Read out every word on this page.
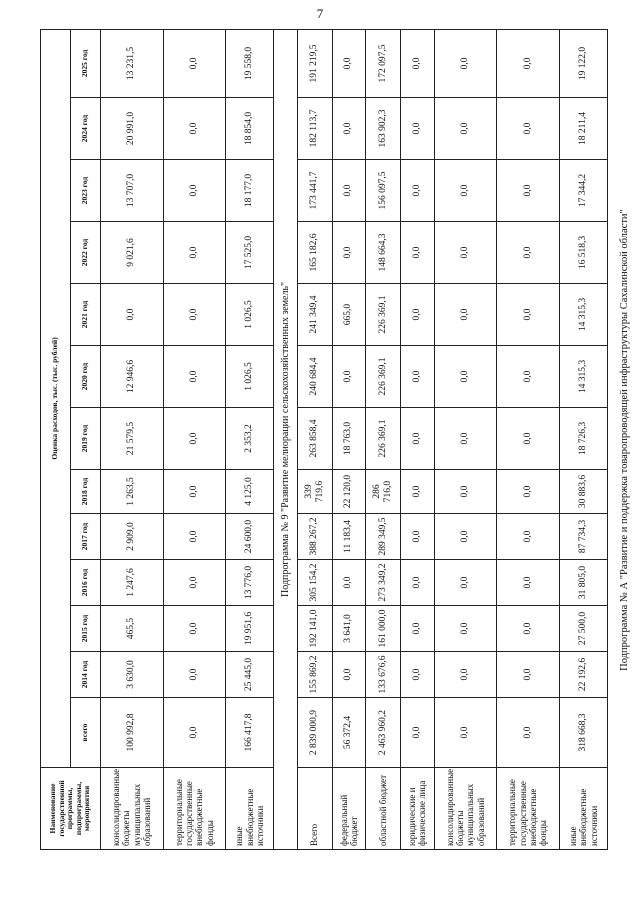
7
Наименование государственной программы, подпрограммы, мероприятия	Оценка расходов, тыс. (тыс. рублей)												
	всего	2014 год	2015 год	2016 год	2017 год	2018 год	2019 год	2020 год	2021 год	2022 год	2023 год	2024 год	2025 год
консолидированные бюджеты муниципальных образований	100 992,8	3 630,0	465,5	1 247,6	2 909,0	1 263,5	21 579,5	12 946,6	0,0	9 021,6	13 707,0	20 991,0	13 231,5
территориальные государственные внебюджетные фонды	0,0	0,0	0,0	0,0	0,0	0,0	0,0	0,0	0,0	0,0	0,0	0,0	0,0
иные внебюджетные источники	166 417,8	25 445,0	19 951,6	13 776,0	24 600,0	4 125,0	2 353,2	1 026,5	1 026,5	17 525,0	18 177,0	18 854,0	19 558,0
Подпрограмма № 9 "Развитие мелиорации сельскохозяйственных земель"													
Всего	2 839 000,9	155 869,2	192 141,0	305 154,2	388 267,2	339 719,6	263 858,4	240 684,4	241 349,4	165 182,6	173 441,7	182 113,7	191 219,5
федеральный бюджет	56 372,4	0,0	3 641,0	0,0	11 183,4	22 120,0	18 763,0	0,0	665,0	0,0	0,0	0,0	0,0
областной бюджет	2 463 960,2	133 676,6	161 000,0	273 349,2	289 349,5	286 716,0	226 369,1	226 369,1	226 369,1	148 664,3	156 097,5	163 902,3	172 097,5
юридические и физические лица	0,0	0,0	0,0	0,0	0,0	0,0	0,0	0,0	0,0	0,0	0,0	0,0	0,0
консолидированные бюджеты муниципальных образований	0,0	0,0	0,0	0,0	0,0	0,0	0,0	0,0	0,0	0,0	0,0	0,0	0,0
территориальные государственные внебюджетные фонды	0,0	0,0	0,0	0,0	0,0	0,0	0,0	0,0	0,0	0,0	0,0	0,0	0,0
иные внебюджетные источники	318 668,3	22 192,6	27 500,0	31 805,0	87 734,3	30 883,6	18 726,3	14 315,3	14 315,3	16 518,3	17 344,2	18 211,4	19 122,0
Подпрограмма № А "Развитие и поддержка товаропроводящей инфраструктуры Сахалинской области"
